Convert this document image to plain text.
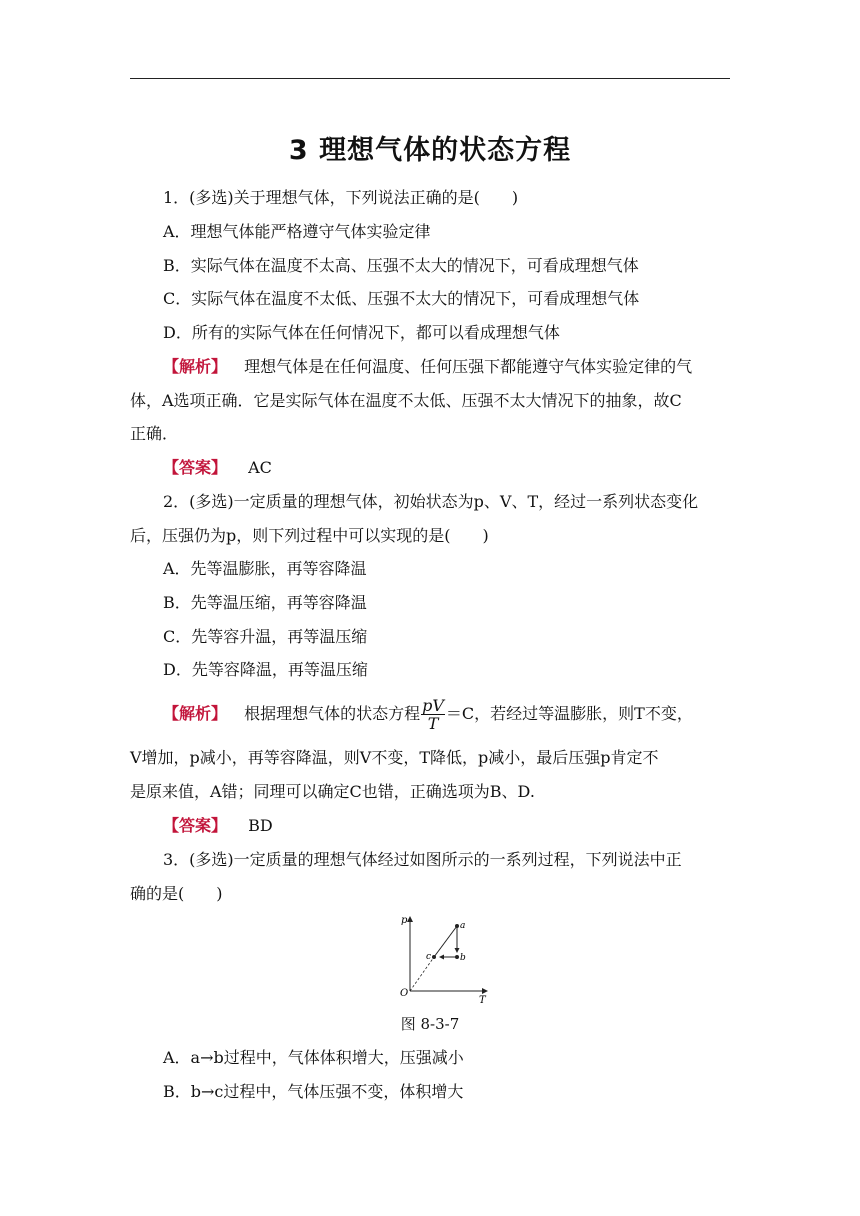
3 理想气体的状态方程
1．(多选)关于理想气体，下列说法正确的是(　　)
A．理想气体能严格遵守气体实验定律
B．实际气体在温度不太高、压强不太大的情况下，可看成理想气体
C．实际气体在温度不太低、压强不太大的情况下，可看成理想气体
D．所有的实际气体在任何情况下，都可以看成理想气体
【解析】 理想气体是在任何温度、任何压强下都能遵守气体实验定律的气
体，A选项正确．它是实际气体在温度不太低、压强不太大情况下的抽象，故C
正确．
【答案】 AC
2．(多选)一定质量的理想气体，初始状态为p、V、T，经过一系列状态变化
后，压强仍为p，则下列过程中可以实现的是(　　)
A．先等温膨胀，再等容降温
B．先等温压缩，再等容降温
C．先等容升温，再等温压缩
D．先等容降温，再等温压缩
【解析】 根据理想气体的状态方程 $\frac{pV}{T} =C$，若经过等温膨胀，则T不变，
V增加，p减小，再等容降温，则V不变，T降低，p减小，最后压强p肯定不
是原来值，A错；同理可以确定C也错，正确选项为B、D.
【答案】 BD
3．(多选)一定质量的理想气体经过如图所示的一系列过程，下列说法中正
确的是(　　)
p
T
O
a
b
c
图 8-3-7
A．a→b过程中，气体体积增大，压强减小
B．b→c过程中，气体压强不变，体积增大
